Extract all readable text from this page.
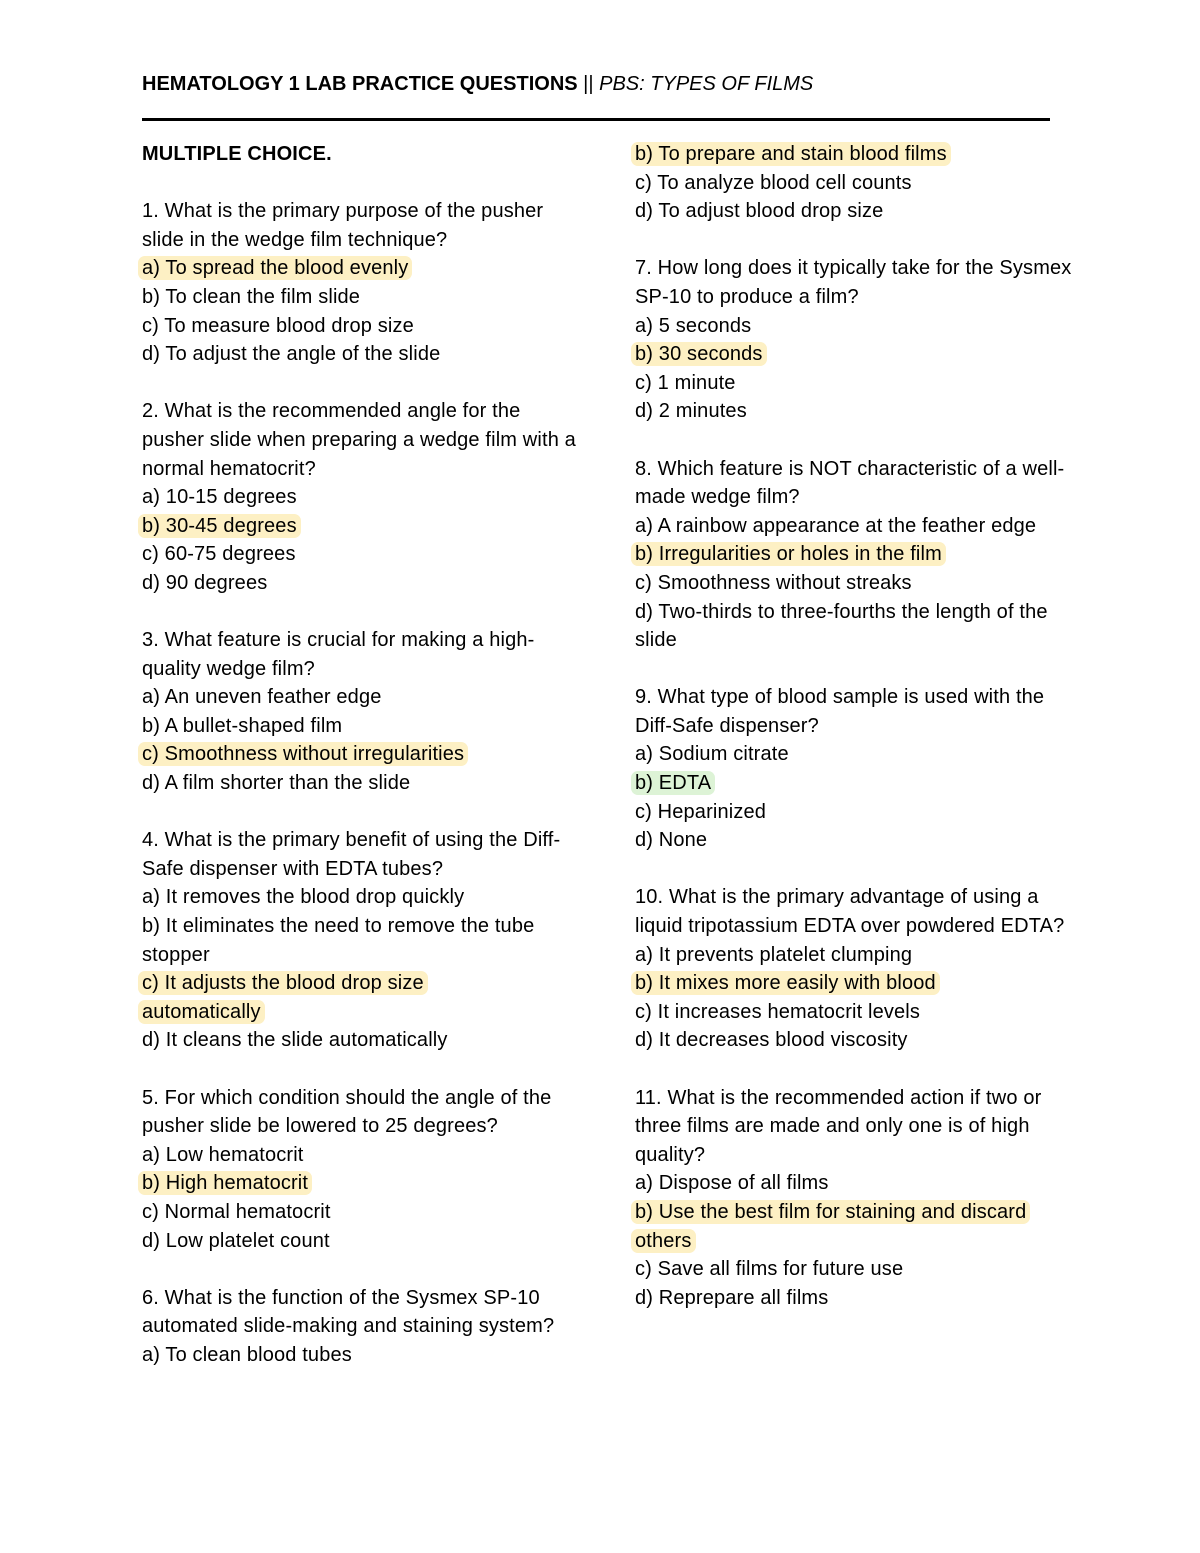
HEMATOLOGY 1 LAB PRACTICE QUESTIONS || PBS: TYPES OF FILMS
MULTIPLE CHOICE.
1. What is the primary purpose of the pusher slide in the wedge film technique?
a) To spread the blood evenly
b) To clean the film slide
c) To measure blood drop size
d) To adjust the angle of the slide
2. What is the recommended angle for the pusher slide when preparing a wedge film with a normal hematocrit?
a) 10-15 degrees
b) 30-45 degrees
c) 60-75 degrees
d) 90 degrees
3. What feature is crucial for making a high-quality wedge film?
a) An uneven feather edge
b) A bullet-shaped film
c) Smoothness without irregularities
d) A film shorter than the slide
4. What is the primary benefit of using the Diff-Safe dispenser with EDTA tubes?
a) It removes the blood drop quickly
b) It eliminates the need to remove the tube stopper
c) It adjusts the blood drop size automatically
d) It cleans the slide automatically
5. For which condition should the angle of the pusher slide be lowered to 25 degrees?
a) Low hematocrit
b) High hematocrit
c) Normal hematocrit
d) Low platelet count
6. What is the function of the Sysmex SP-10 automated slide-making and staining system?
a) To clean blood tubes
b) To prepare and stain blood films
c) To analyze blood cell counts
d) To adjust blood drop size
7. How long does it typically take for the Sysmex SP-10 to produce a film?
a) 5 seconds
b) 30 seconds
c) 1 minute
d) 2 minutes
8. Which feature is NOT characteristic of a well-made wedge film?
a) A rainbow appearance at the feather edge
b) Irregularities or holes in the film
c) Smoothness without streaks
d) Two-thirds to three-fourths the length of the slide
9. What type of blood sample is used with the Diff-Safe dispenser?
a) Sodium citrate
b) EDTA
c) Heparinized
d) None
10. What is the primary advantage of using a liquid tripotassium EDTA over powdered EDTA?
a) It prevents platelet clumping
b) It mixes more easily with blood
c) It increases hematocrit levels
d) It decreases blood viscosity
11. What is the recommended action if two or three films are made and only one is of high quality?
a) Dispose of all films
b) Use the best film for staining and discard others
c) Save all films for future use
d) Reprepare all films
